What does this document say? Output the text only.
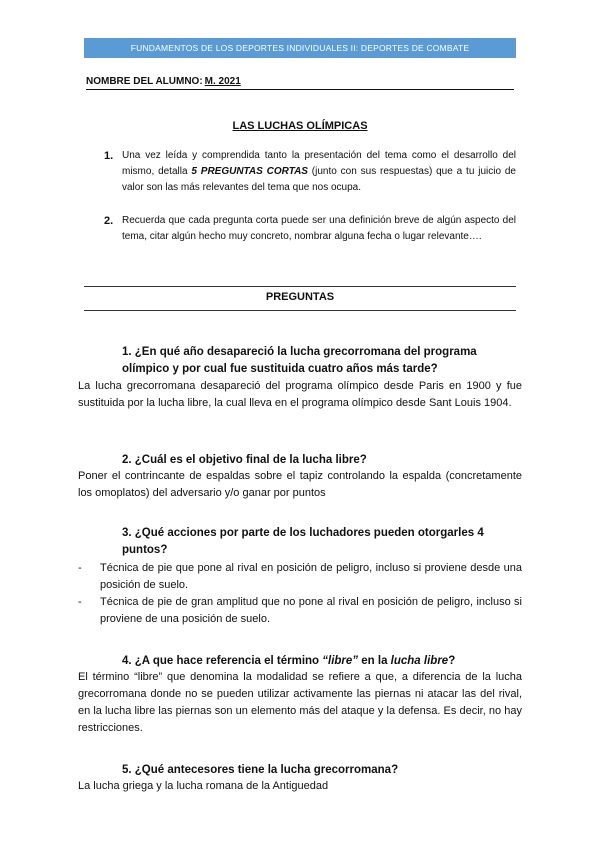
FUNDAMENTOS DE LOS DEPORTES INDIVIDUALES II: DEPORTES DE COMBATE
NOMBRE DEL ALUMNO: M. 2021
LAS LUCHAS OLÍMPICAS
1. Una vez leída y comprendida tanto la presentación del tema como el desarrollo del mismo, detalla 5 PREGUNTAS CORTAS (junto con sus respuestas) que a tu juicio de valor son las más relevantes del tema que nos ocupa.
2. Recuerda que cada pregunta corta puede ser una definición breve de algún aspecto del tema, citar algún hecho muy concreto, nombrar alguna fecha o lugar relevante….
PREGUNTAS
1. ¿En qué año desapareció la lucha grecorromana del programa olímpico y por cual fue sustituida cuatro años más tarde?
La lucha grecorromana desapareció del programa olímpico desde Paris en 1900 y fue sustituida por la lucha libre, la cual lleva en el programa olímpico desde Sant Louis 1904.
2. ¿Cuál es el objetivo final de la lucha libre?
Poner el contrincante de espaldas sobre el tapiz controlando la espalda (concretamente los omoplatos) del adversario y/o ganar por puntos
3. ¿Qué acciones por parte de los luchadores pueden otorgarles 4 puntos?
-	Técnica de pie que pone al rival en posición de peligro, incluso si proviene desde una posición de suelo.
-	Técnica de pie de gran amplitud que no pone al rival en posición de peligro, incluso si proviene de una posición de suelo.
4. ¿A que hace referencia el término “libre” en la lucha libre?
El término “libre” que denomina la modalidad se refiere a que, a diferencia de la lucha grecorromana donde no se pueden utilizar activamente las piernas ni atacar las del rival, en la lucha libre las piernas son un elemento más del ataque y la defensa. Es decir, no hay restricciones.
5. ¿Qué antecesores tiene la lucha grecorromana?
La lucha griega y la lucha romana de la Antiguedad
